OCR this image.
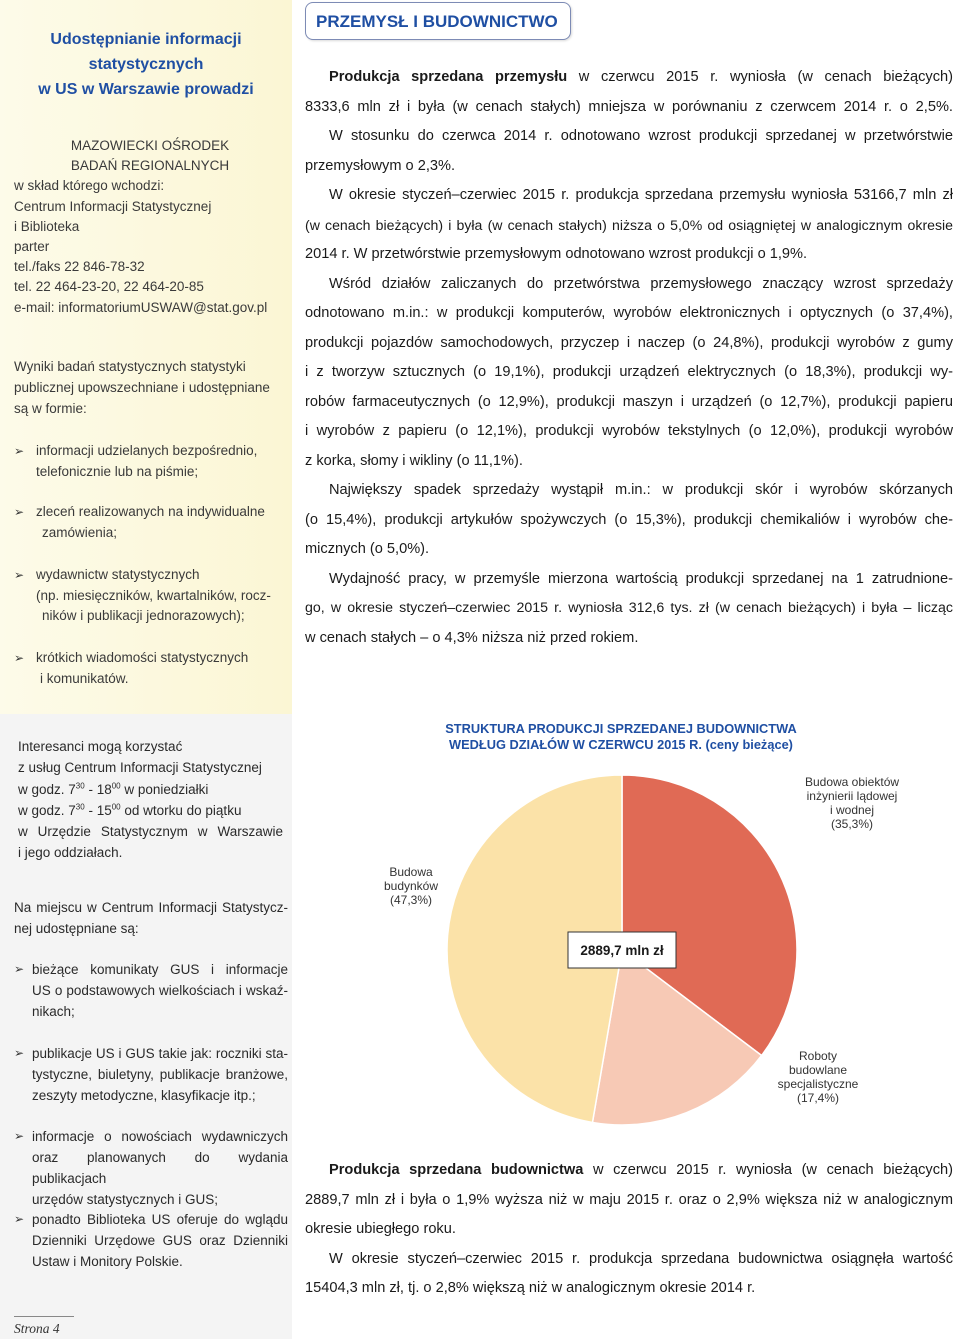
Udostępnianie informacji
statystycznych
w US w Warszawie prowadzi
MAZOWIECKI OŚRODEK
BADAŃ REGIONALNYCH
w skład którego wchodzi:
Centrum Informacji Statystycznej
i Biblioteka
parter
tel./faks 22 846-78-32
tel. 22 464-23-20, 22 464-20-85
e-mail: informatoriumUSWAW@stat.gov.pl
Wyniki badań statystycznych statystyki
publicznej upowszechniane i udostępniane
są w formie:
➢ informacji udzielanych bezpośrednio,
telefonicznie lub na piśmie;
➢ zleceń realizowanych na indywidualne
zamówienia;
➢ wydawnictw statystycznych
(np. miesięczników, kwartalników, rocz-
ników i publikacji jednorazowych);
➢ krótkich wiadomości statystycznych
i komunikatów.
Interesanci mogą korzystać
z usług Centrum Informacji Statystycznej
w godz. $7^{30} - 18^{00}$ w poniedziałki
w godz. $7^{30} - 15^{00}$ od wtorku do piątku
w Urzędzie Statystycznym w Warszawie
i jego oddziałach.
Na miejscu w Centrum Informacji Statystycz-
nej udostępniane są:
➢ bieżące komunikaty GUS i informacje
US o podstawowych wielkościach i wskaź-
nikach;
➢ publikacje US i GUS takie jak: roczniki sta-
tystyczne, biuletyny, publikacje branżowe,
zeszyty metodyczne, klasyfikacje itp.;
➢ informacje o nowościach wydawniczych
oraz planowanych do wydania publikacjach
urzędów statystycznych i GUS;
➢ ponadto Biblioteka US oferuje do wglądu
Dzienniki Urzędowe GUS oraz Dzienniki
Ustaw i Monitory Polskie.
Strona 4
PRZEMYSŁ I BUDOWNICTWO
Produkcja sprzedana przemysłu w czerwcu 2015 r. wyniosła (w cenach bieżących)
8333,6 mln zł i była (w cenach stałych) mniejsza w porównaniu z czerwcem 2014 r. o 2,5%.
W stosunku do czerwca 2014 r. odnotowano wzrost produkcji sprzedanej w przetwórstwie
przemysłowym o 2,3%.
W okresie styczeń–czerwiec 2015 r. produkcja sprzedana przemysłu wyniosła 53166,7 mln zł
(w cenach bieżących) i była (w cenach stałych) niższa o 5,0% od osiągniętej w analogicznym okresie
2014 r. W przetwórstwie przemysłowym odnotowano wzrost produkcji o 1,9%.
Wśród działów zaliczanych do przetwórstwa przemysłowego znaczący wzrost sprzedaży
odnotowano m.in.: w produkcji komputerów, wyrobów elektronicznych i optycznych (o 37,4%),
produkcji pojazdów samochodowych, przyczep i naczep (o 24,8%), produkcji wyrobów z gumy
i z tworzyw sztucznych (o 19,1%), produkcji urządzeń elektrycznych (o 18,3%), produkcji wy-
robów farmaceutycznych (o 12,9%), produkcji maszyn i urządzeń (o 12,7%), produkcji papieru
i wyrobów z papieru (o 12,1%), produkcji wyrobów tekstylnych (o 12,0%), produkcji wyrobów
z korka, słomy i wikliny (o 11,1%).
Największy spadek sprzedaży wystąpił m.in.: w produkcji skór i wyrobów skórzanych
(o 15,4%), produkcji artykułów spożywczych (o 15,3%), produkcji chemikaliów i wyrobów che-
micznych (o 5,0%).
Wydajność pracy, w przemyśle mierzona wartością produkcji sprzedanej na 1 zatrudnione-
go, w okresie styczeń–czerwiec 2015 r. wyniosła 312,6 tys. zł (w cenach bieżących) i była – licząc
w cenach stałych – o 4,3% niższa niż przed rokiem.
STRUKTURA PRODUKCJI SPRZEDANEJ BUDOWNICTWA
WEDŁUG DZIAŁÓW W CZERWCU 2015 R. (ceny bieżące)
2889,7 mln zł
Budowa obiektów inżynierii lądowej i wodnej (35,3%)
Roboty budowlane specjalistyczne (17,4%)
Budowa budynków (47,3%)
Produkcja sprzedana budownictwa w czerwcu 2015 r. wyniosła (w cenach bieżących)
2889,7 mln zł i była o 1,9% wyższa niż w maju 2015 r. oraz o 2,9% większa niż w analogicznym
okresie ubiegłego roku.
W okresie styczeń–czerwiec 2015 r. produkcja sprzedana budownictwa osiągnęła wartość
15404,3 mln zł, tj. o 2,8% większą niż w analogicznym okresie 2014 r.
